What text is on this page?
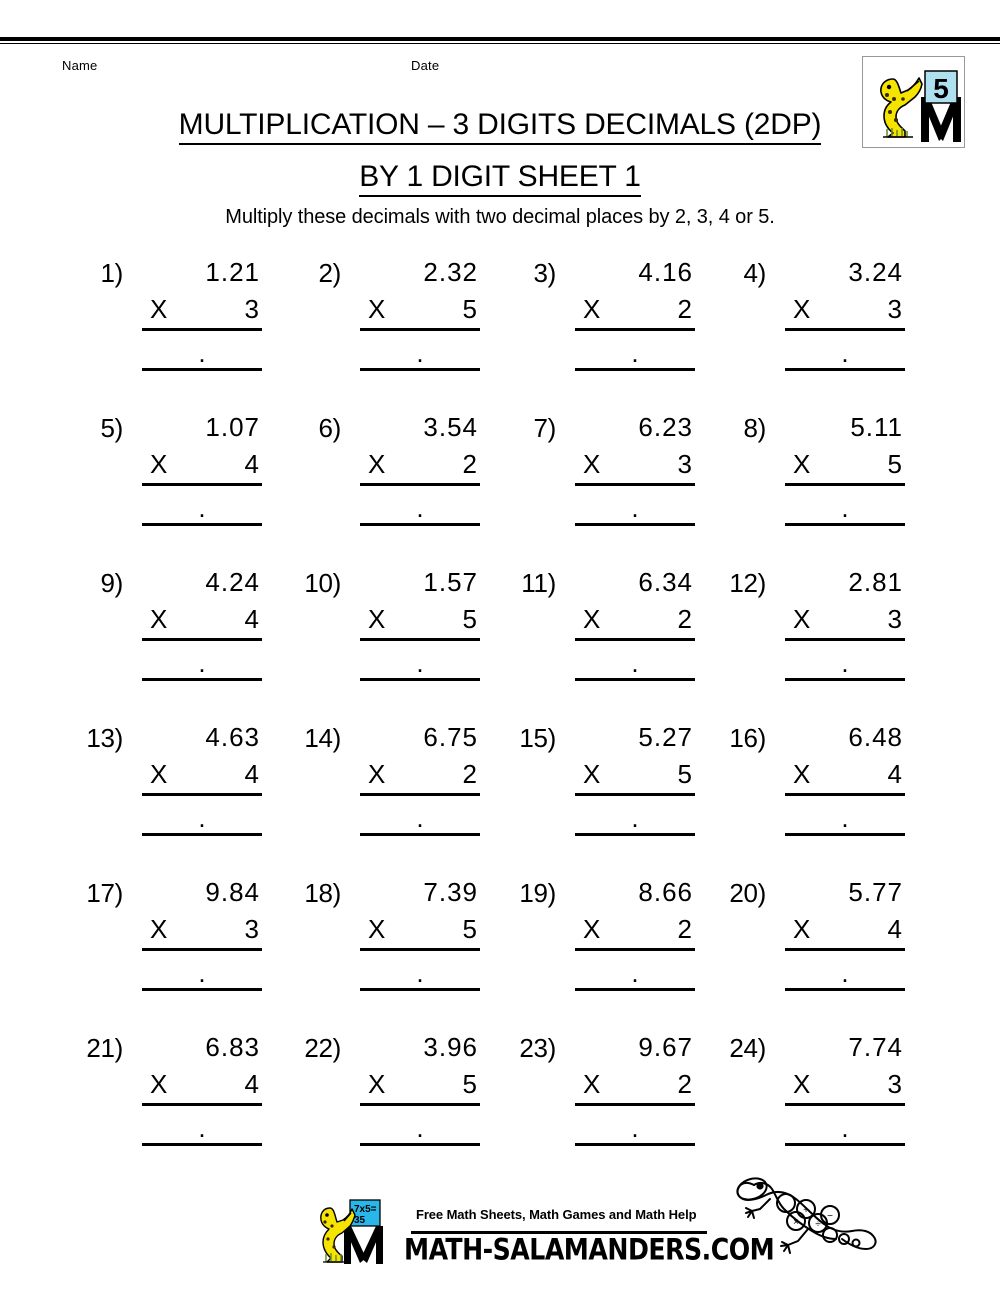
Name	Date
5
MULTIPLICATION – 3 DIGITS DECIMALS (2DP)
BY 1 DIGIT SHEET 1
Multiply these decimals with two decimal places by 2, 3, 4 or 5.
1)	1.21
X	3
.
2)	2.32
X	5
.
3)	4.16
X	2
.
4)	3.24
X	3
.
5)	1.07
X	4
.
6)	3.54
X	2
.
7)	6.23
X	3
.
8)	5.11
X	5
.
9)	4.24
X	4
.
10)	1.57
X	5
.
11)	6.34
X	2
.
12)	2.81
X	3
.
13)	4.63
X	4
.
14)	6.75
X	2
.
15)	5.27
X	5
.
16)	6.48
X	4
.
17)	9.84
X	3
.
18)	7.39
X	5
.
19)	8.66
X	2
.
20)	5.77
X	4
.
21)	6.83
X	4
.
22)	3.96
X	5
.
23)	9.67
X	2
.
24)	7.74
X	3
.
7x5=
35	Free Math Sheets, Math Games and Math Help
MATH-SALAMANDERS.COM
+
×
−
÷
